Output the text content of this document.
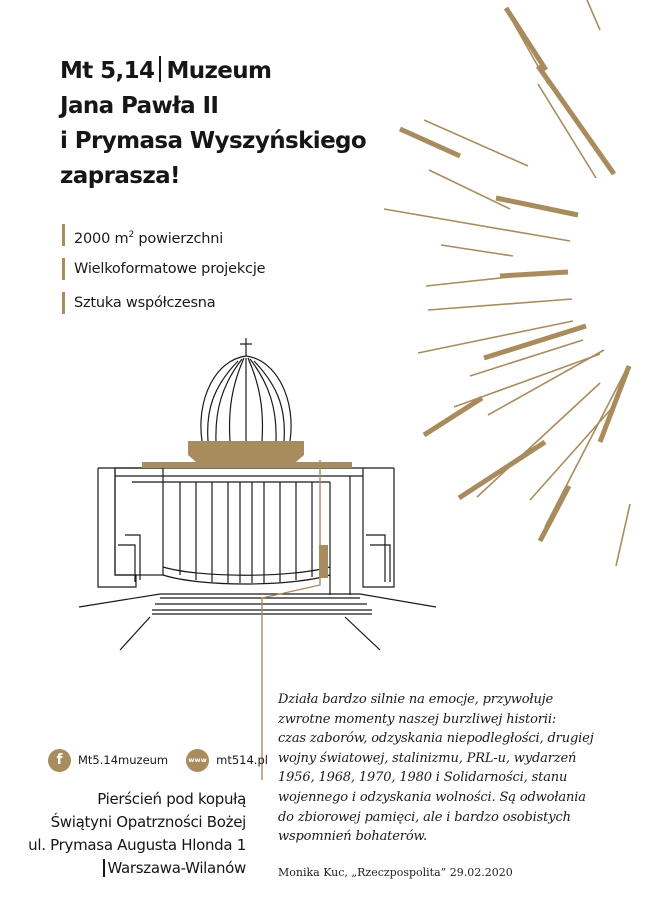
Mt 5,14 Muzeum
Jana Pawła II
i Prymasa Wyszyńskiego
zaprasza!
2000 $m^2$ powierzchni
Wielkoformatowe projekcje
Sztuka współczesna
f	Mt5.14muzeum	www mt514.pl
Pierścień pod kopułą
Świątyni Opatrzności Bożej
ul. Prymasa Augusta Hlonda 1
Warszawa-Wilanów
Działa bardzo silnie na emocje, przywołuje
zwrotne momenty naszej burzliwej historii:
czas zaborów, odzyskania niepodległości, drugiej
wojny światowej, stalinizmu, PRL-u, wydarzeń
1956, 1968, 1970, 1980 i Solidarności, stanu
wojennego i odzyskania wolności. Są odwołania
do zbiorowej pamięci, ale i bardzo osobistych
wspomnień bohaterów.
Monika Kuc, „Rzeczpospolita” 29.02.2020
